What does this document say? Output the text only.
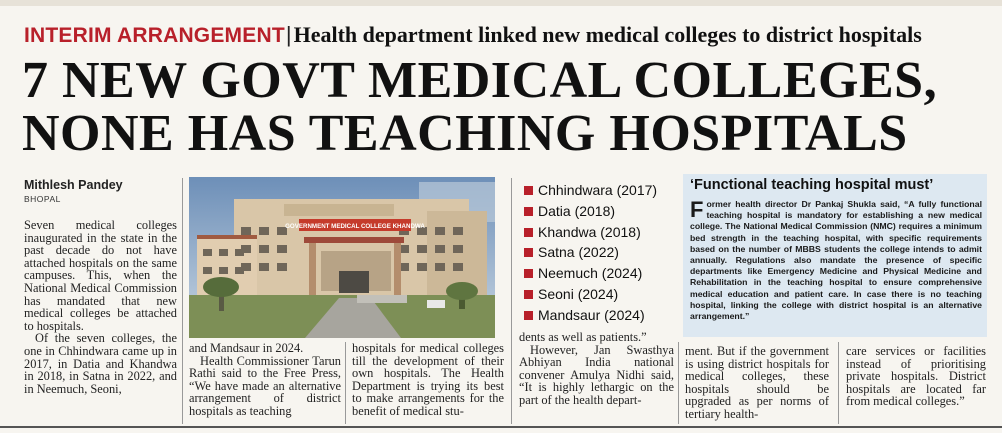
INTERIM ARRANGEMENT|Health department linked new medical colleges to district hospitals
7 NEW GOVT MEDICAL COLLEGES,
NONE HAS TEACHING HOSPITALS
Mithlesh Pandey
BHOPAL

Seven medical colleges inaugurated in the state in the past decade do not have attached hospitals on the same campuses. This, when the National Medical Commission has mandated that new medical colleges be attached to hospitals.

Of the seven colleges, the one in Chhindwara came up in 2017, in Datia and Khandwa in 2018, in Satna in 2022, and in Neemuch, Seoni,

GOVERNMENT MEDICAL COLLEGE KHANDWA

and Mandsaur in 2024.

Health Commissioner Tarun Rathi said to the Free Press, “We have made an alternative arrangement of district hospitals as teaching

hospitals for medical colleges till the development of their own hospitals. The Health Department is trying its best to make arrangements for the benefit of medical stu-

Chhindwara (2017)
Datia (2018)
Khandwa (2018)
Satna (2022)
Neemuch (2024)
Seoni (2024)
Mandsaur (2024)

dents as well as patients.”

However, Jan Swasthya Abhiyan India national convener Amulya Nidhi said, “It is highly lethargic on the part of the health depart-

‘Functional teaching hospital must’
Former health director Dr Pankaj Shukla said, “A fully functional teaching hospital is mandatory for establishing a new medical college. The National Medical Commission (NMC) requires a minimum bed strength in the teaching hospital, with specific requirements based on the number of MBBS students the college intends to admit annually. Regulations also mandate the presence of specific departments like Emergency Medicine and Physical Medicine and Rehabilitation in the teaching hospital to ensure comprehensive medical education and patient care. In case there is no teaching hospital, linking the college with district hospital is an alternative arrangement.”

ment. But if the government is using district hospitals for medical colleges, these hospitals should be upgraded as per norms of tertiary health-

care services or facilities instead of prioritising private hospitals. District hospitals are located far from medical colleges.”
